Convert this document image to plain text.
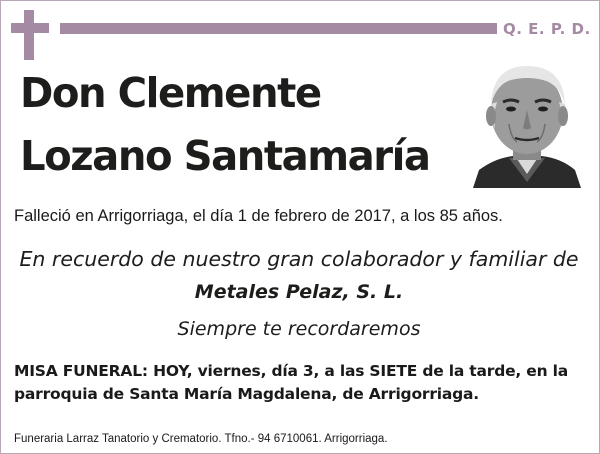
Q. E. P. D.
Don Clemente
Lozano Santamaría
Falleció en Arrigorriaga, el día 1 de febrero de 2017, a los 85 años.
En recuerdo de nuestro gran colaborador y familiar de
Metales Pelaz, S. L.
Siempre te recordaremos
MISA FUNERAL: HOY, viernes, día 3, a las SIETE de la tarde, en la parroquia de Santa María Magdalena, de Arrigorriaga.
Funeraria Larraz Tanatorio y Crematorio. Tfno.- 94 6710061. Arrigorriaga.
